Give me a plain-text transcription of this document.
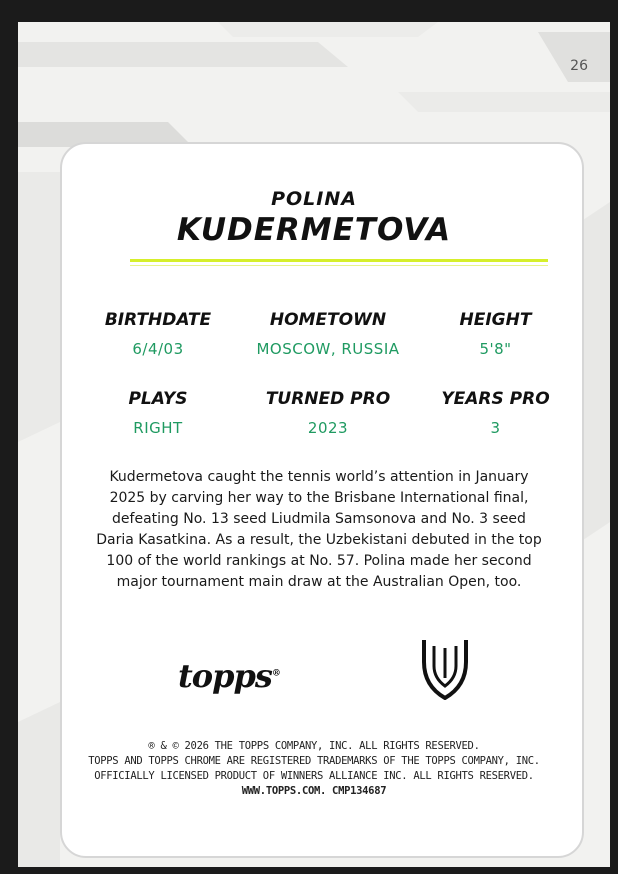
26
POLINA
KUDERMETOVA
BIRTHDATE
6/4/03
HOMETOWN
MOSCOW, RUSSIA
HEIGHT
5'8"
PLAYS
RIGHT
TURNED PRO
2023
YEARS PRO
3
Kudermetova caught the tennis world’s attention in January
2025 by carving her way to the Brisbane International final,
defeating No. 13 seed Liudmila Samsonova and No. 3 seed
Daria Kasatkina. As a result, the Uzbekistani debuted in the top
100 of the world rankings at No. 57. Polina made her second
major tournament main draw at the Australian Open, too.
topps®
® & © 2026 THE TOPPS COMPANY, INC. ALL RIGHTS RESERVED.
TOPPS AND TOPPS CHROME ARE REGISTERED TRADEMARKS OF THE TOPPS COMPANY, INC.
OFFICIALLY LICENSED PRODUCT OF WINNERS ALLIANCE INC. ALL RIGHTS RESERVED.
WWW.TOPPS.COM. CMP134687
